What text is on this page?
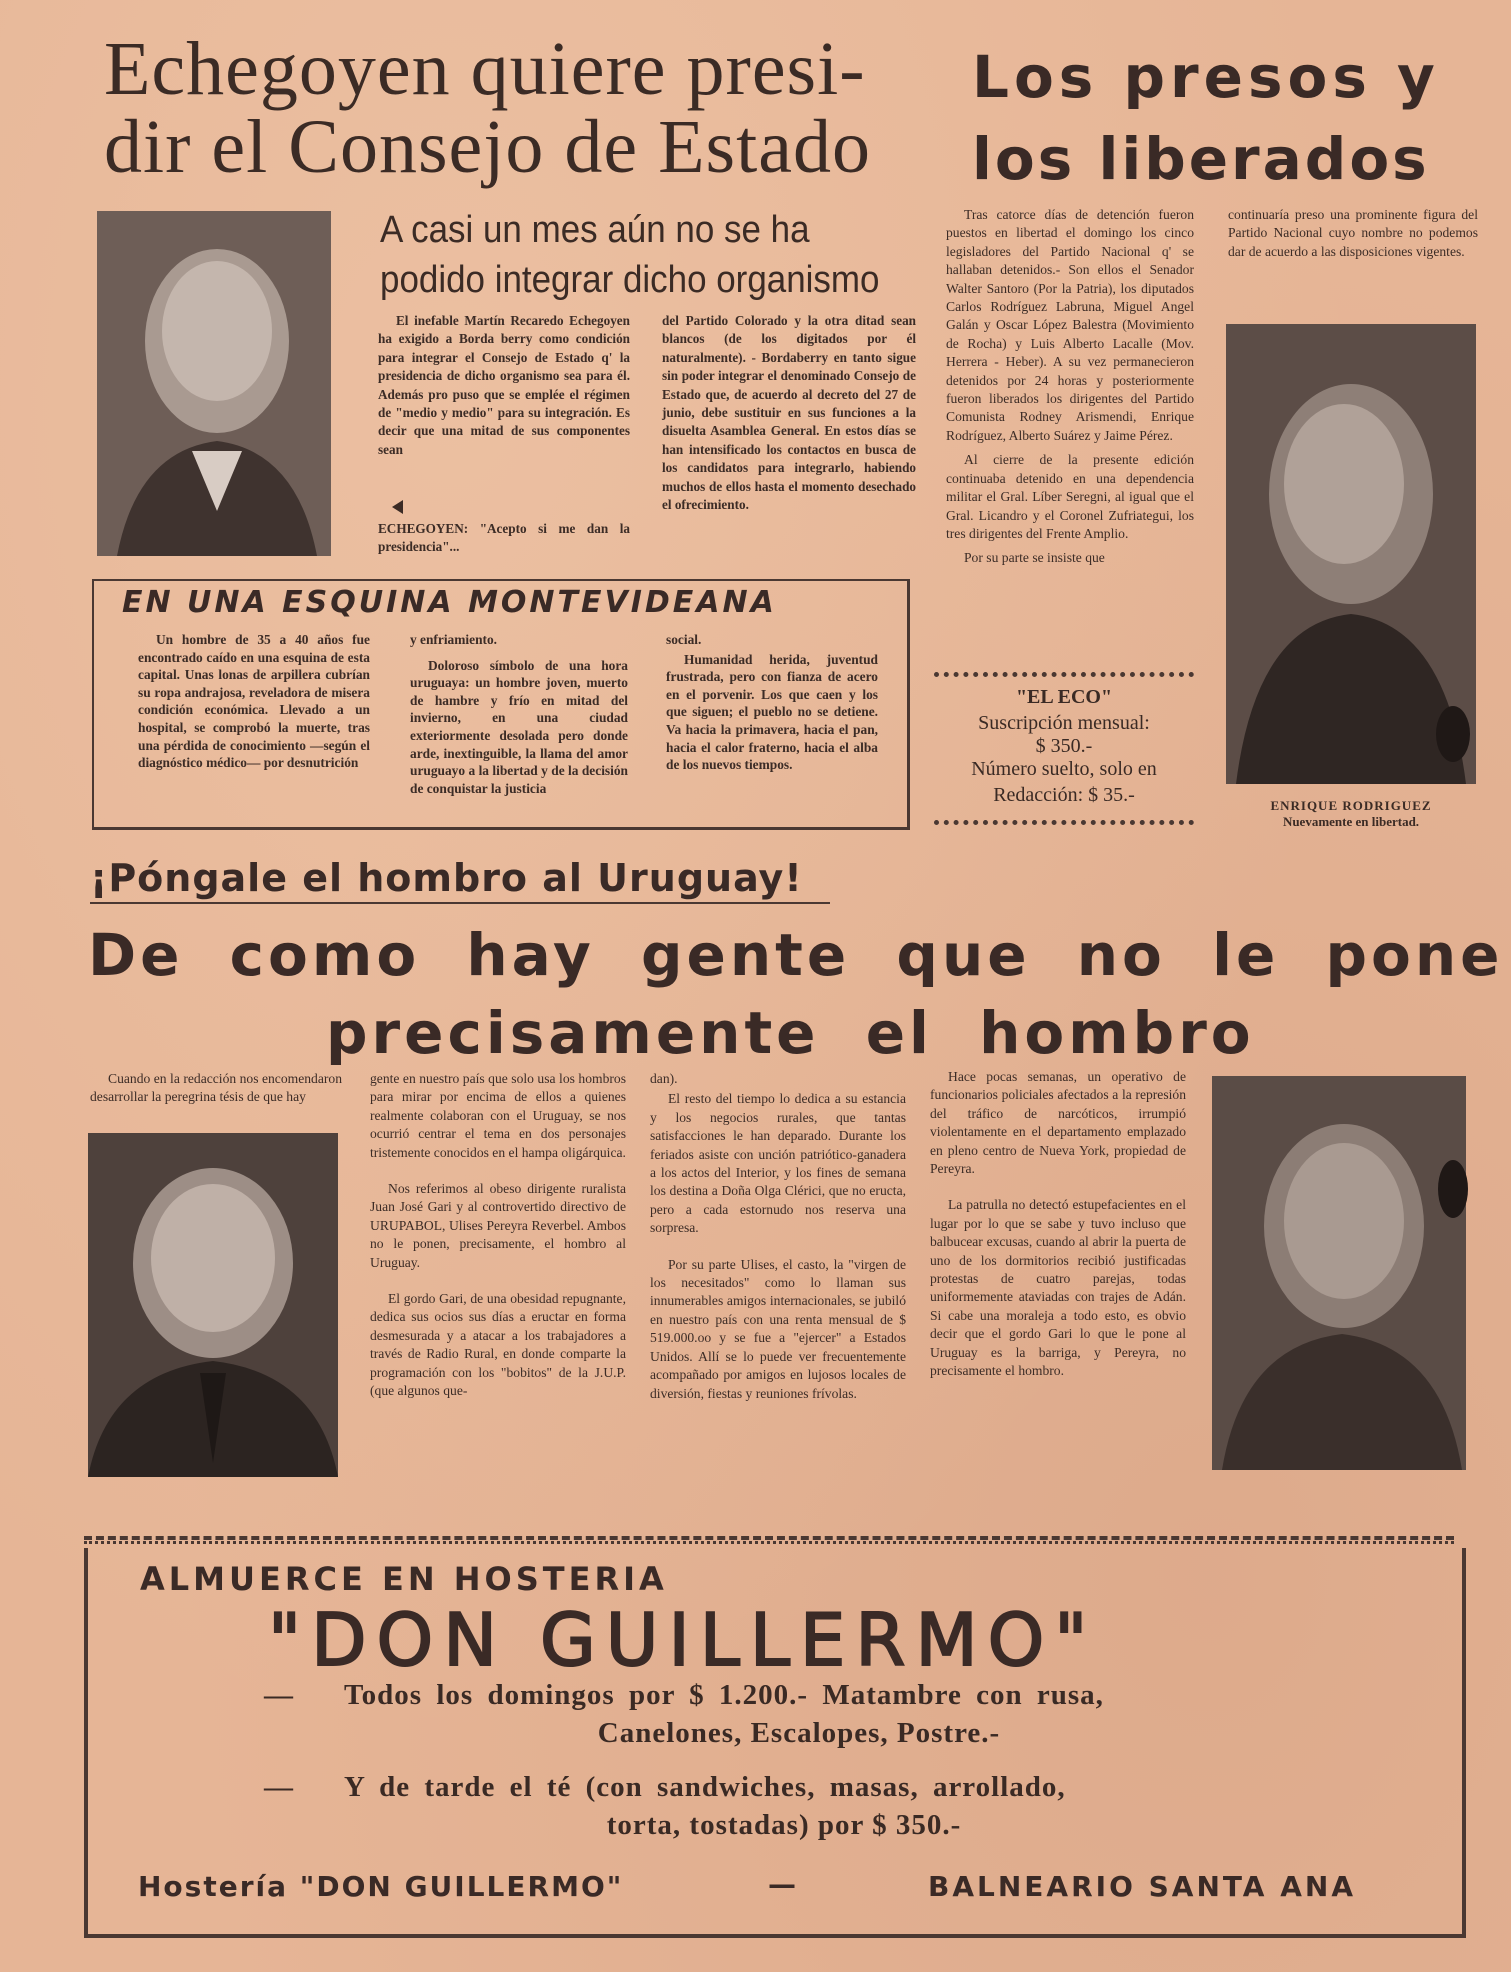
Echegoyen quiere presi-
dir el Consejo de Estado
A casi un mes aún no se ha
podido integrar dicho organismo

El inefable Martín Recaredo Echegoyen ha exigido a Borda berry como condición para integrar el Consejo de Estado q' la presidencia de dicho organismo sea para él. Además pro puso que se emplée el régimen de "medio y medio" para su integración. Es decir que una mitad de sus componentes sean

ECHEGOYEN: "Acepto si me dan la presidencia"...

del Partido Colorado y la otra ditad sean blancos (de los digitados por él naturalmente). - Bordaberry en tanto sigue sin poder integrar el denominado Consejo de Estado que, de acuerdo al decreto del 27 de junio, debe sustituir en sus funciones a la disuelta Asamblea General. En estos días se han intensificado los contactos en busca de los candidatos para integrarlo, habiendo muchos de ellos hasta el momento desechado el ofrecimiento.

Los presos y
los liberados

Tras catorce días de detención fueron puestos en libertad el domingo los cinco legisladores del Partido Nacional q' se hallaban detenidos.- Son ellos el Senador Walter Santoro (Por la Patria), los diputados Carlos Rodríguez Labruna, Miguel Angel Galán y Oscar López Balestra (Movimiento de Rocha) y Luis Alberto Lacalle (Mov. Herrera - Heber). A su vez permanecieron detenidos por 24 horas y posteriormente fueron liberados los dirigentes del Partido Comunista Rodney Arismendi, Enrique Rodríguez, Alberto Suárez y Jaime Pérez.

Al cierre de la presente edición continuaba detenido en una dependencia militar el Gral. Líber Seregni, al igual que el Gral. Licandro y el Coronel Zufriategui, los tres dirigentes del Frente Amplio.

Por su parte se insiste que

continuaría preso una prominente figura del Partido Nacional cuyo nombre no podemos dar de acuerdo a las disposiciones vigentes.

ENRIQUE RODRIGUEZ
Nuevamente en libertad.
EN UNA ESQUINA MONTEVIDEANA

Un hombre de 35 a 40 años fue encontrado caído en una esquina de esta capital. Unas lonas de arpillera cubrían su ropa andrajosa, reveladora de misera condición económica. Llevado a un hospital, se comprobó la muerte, tras una pérdida de conocimiento —según el diagnóstico médico— por desnutrición

y enfriamiento.

Doloroso símbolo de una hora uruguaya: un hombre joven, muerto de hambre y frío en mitad del invierno, en una ciudad exteriormente desolada pero donde arde, inextinguible, la llama del amor uruguayo a la libertad y de la decisión de conquistar la justicia

social.

Humanidad herida, juventud frustrada, pero con fianza de acero en el porvenir. Los que caen y los que siguen; el pueblo no se detiene. Va hacia la primavera, hacia el pan, hacia el calor fraterno, hacia el alba de los nuevos tiempos.

"EL ECO"
Suscripción mensual:
$ 350.-
Número suelto, solo en
Redacción: $ 35.-
¡Póngale el hombro al Uruguay!
De como hay gente que no le pone
precisamente el hombro

Cuando en la redacción nos encomendaron desarrollar la peregrina tésis de que hay

gente en nuestro país que solo usa los hombros para mirar por encima de ellos a quienes realmente colaboran con el Uruguay, se nos ocurrió centrar el tema en dos personajes tristemente conocidos en el hampa oligárquica.

Nos referimos al obeso dirigente ruralista Juan José Gari y al controvertido directivo de URUPABOL, Ulises Pereyra Reverbel. Ambos no le ponen, precisamente, el hombro al Uruguay.

El gordo Gari, de una obesidad repugnante, dedica sus ocios sus días a eructar en forma desmesurada y a atacar a los trabajadores a través de Radio Rural, en donde comparte la programación con los "bobitos" de la J.U.P. (que algunos que-

dan).

El resto del tiempo lo dedica a su estancia y los negocios rurales, que tantas satisfacciones le han deparado. Durante los feriados asiste con unción patriótico-ganadera a los actos del Interior, y los fines de semana los destina a Doña Olga Clérici, que no eructa, pero a cada estornudo nos reserva una sorpresa.

Por su parte Ulises, el casto, la "virgen de los necesitados" como lo llaman sus innumerables amigos internacionales, se jubiló en nuestro país con una renta mensual de $ 519.000.oo y se fue a "ejercer" a Estados Unidos. Allí se lo puede ver frecuentemente acompañado por amigos en lujosos locales de diversión, fiestas y reuniones frívolas.

Hace pocas semanas, un operativo de funcionarios policiales afectados a la represión del tráfico de narcóticos, irrumpió violentamente en el departamento emplazado en pleno centro de Nueva York, propiedad de Pereyra.

La patrulla no detectó estupefacientes en el lugar por lo que se sabe y tuvo incluso que balbucear excusas, cuando al abrir la puerta de uno de los dormitorios recibió justificadas protestas de cuatro parejas, todas uniformemente ataviadas con trajes de Adán. Si cabe una moraleja a todo esto, es obvio decir que el gordo Gari lo que le pone al Uruguay es la barriga, y Pereyra, no precisamente el hombro.

ALMUERCE EN HOSTERIA
"DON GUILLERMO"
— Todos los domingos por $ 1.200.- Matambre con rusa,
Canelones, Escalopes, Postre.-
— Y de tarde el té (con sandwiches, masas, arrollado,
torta, tostadas) por $ 350.-
Hostería "DON GUILLERMO"	—	BALNEARIO SANTA ANA
